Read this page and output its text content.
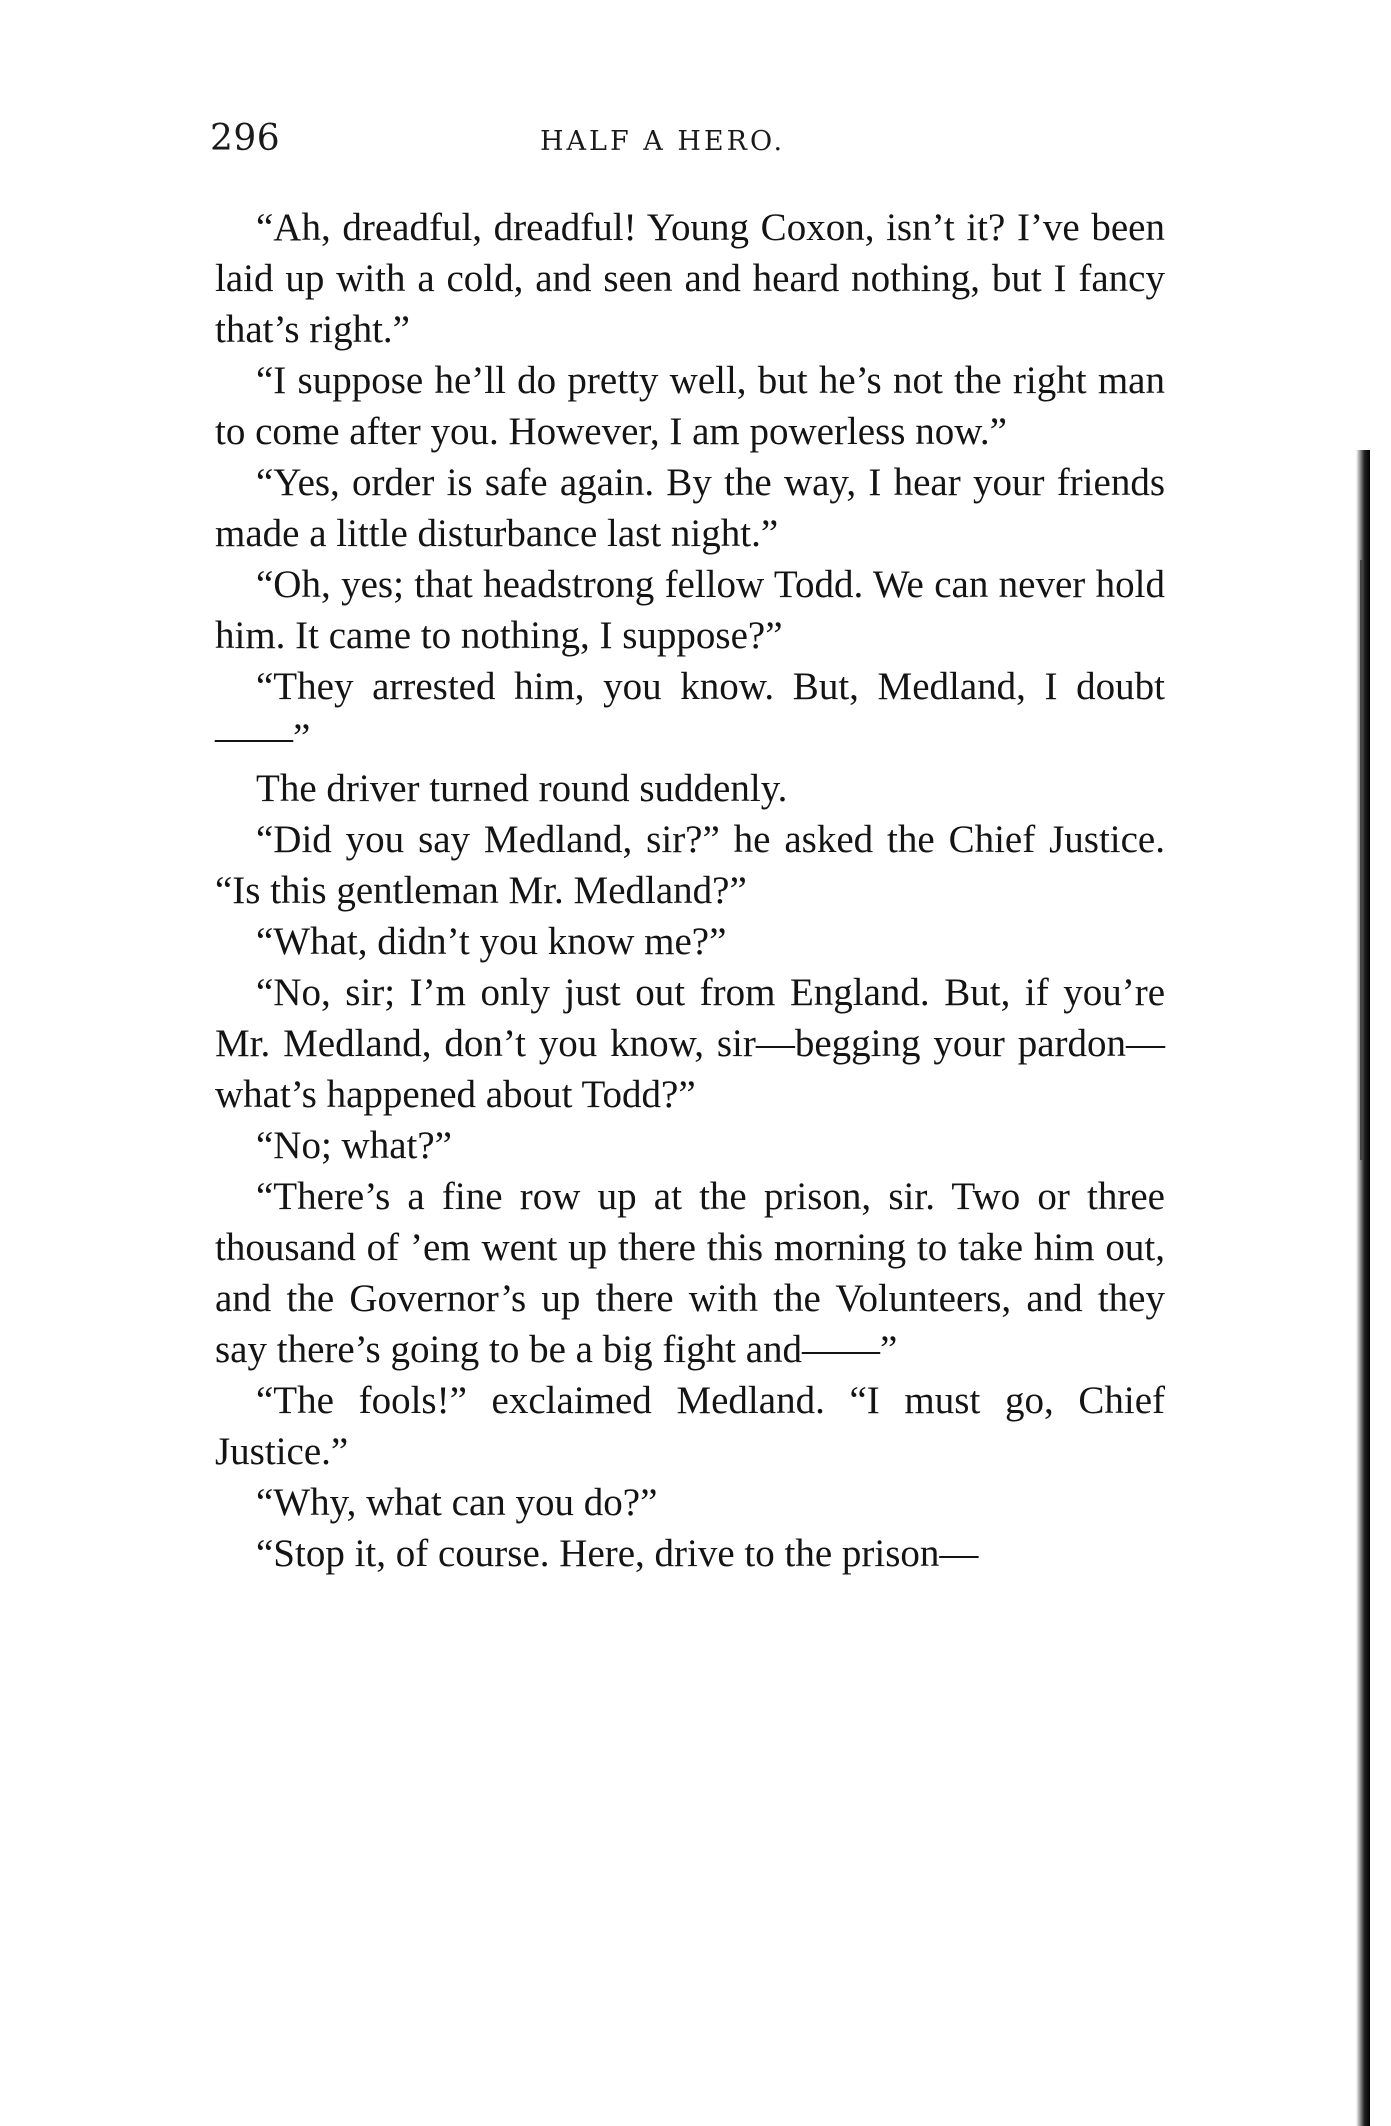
296	HALF A HERO.

“Ah, dreadful, dreadful! Young Coxon, isn’t it? I’ve been laid up with a cold, and seen and heard nothing, but I fancy that’s right.”

“I suppose he’ll do pretty well, but he’s not the right man to come after you. However, I am powerless now.”

“Yes, order is safe again. By the way, I hear your friends made a little disturbance last night.”

“Oh, yes; that headstrong fellow Todd. We can never hold him. It came to nothing, I suppose?”

“They arrested him, you know. But, Medland, I doubt——”

The driver turned round suddenly.

“Did you say Medland, sir?” he asked the Chief Justice. “Is this gentleman Mr. Medland?”

“What, didn’t you know me?”

“No, sir; I’m only just out from England. But, if you’re Mr. Medland, don’t you know, sir—begging your pardon—what’s happened about Todd?”

“No; what?”

“There’s a fine row up at the prison, sir. Two or three thousand of ’em went up there this morning to take him out, and the Governor’s up there with the Volunteers, and they say there’s going to be a big fight and——”

“The fools!” exclaimed Medland. “I must go, Chief Justice.”

“Why, what can you do?”

“Stop it, of course. Here, drive to the prison—
